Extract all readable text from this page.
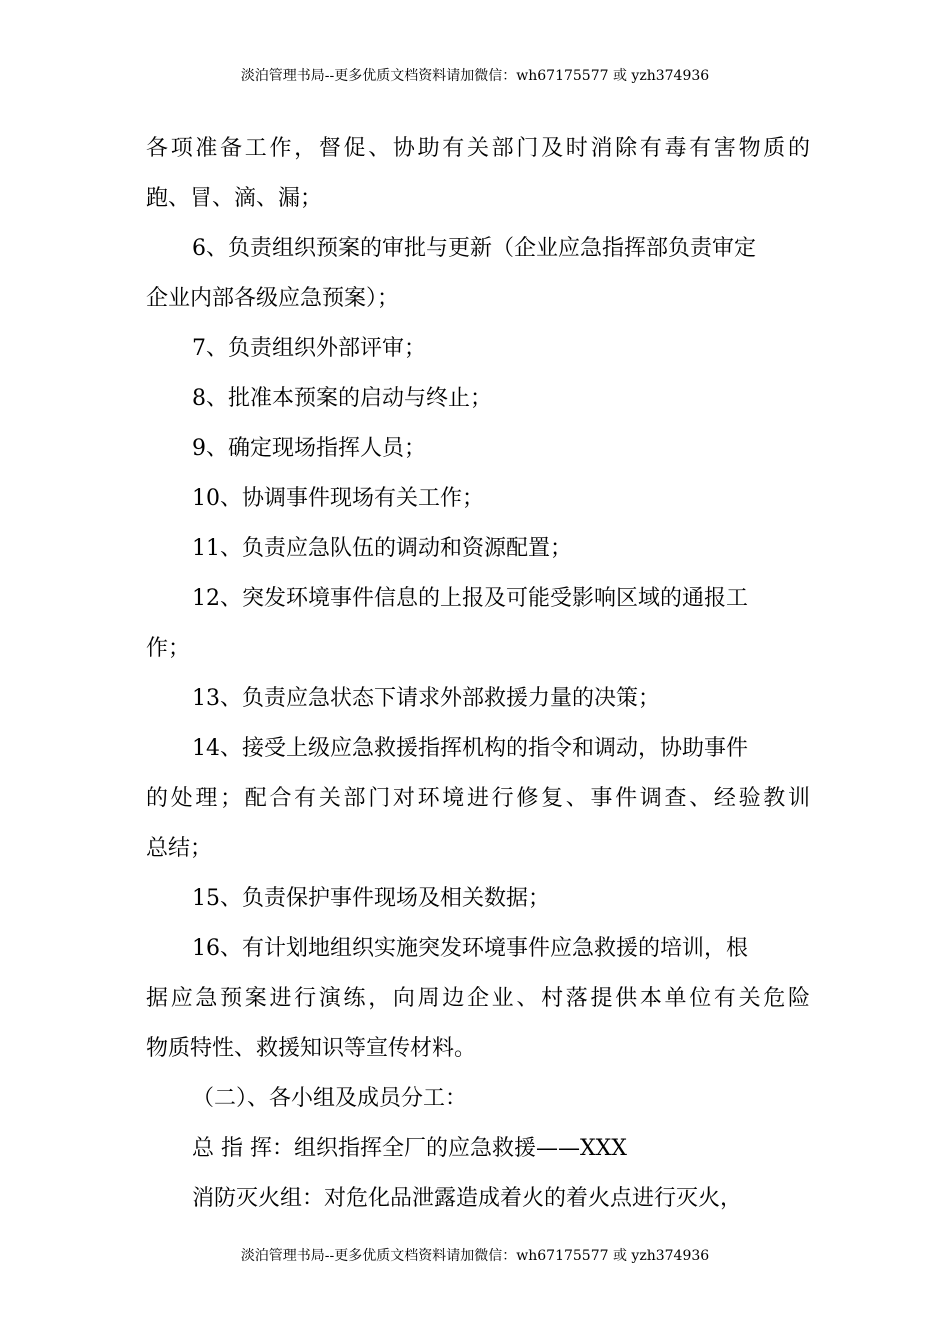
淡泊管理书局--更多优质文档资料请加微信：wh67175577 或 yzh374936
各项准备工作，督促、协助有关部门及时消除有毒有害物质的
跑、冒、滴、漏；
6、负责组织预案的审批与更新（企业应急指挥部负责审定
企业内部各级应急预案）；
7、负责组织外部评审；
8、批准本预案的启动与终止；
9、确定现场指挥人员；
10、协调事件现场有关工作；
11、负责应急队伍的调动和资源配置；
12、突发环境事件信息的上报及可能受影响区域的通报工
作；
13、负责应急状态下请求外部救援力量的决策；
14、接受上级应急救援指挥机构的指令和调动，协助事件
的处理；配合有关部门对环境进行修复、事件调查、经验教训
总结；
15、负责保护事件现场及相关数据；
16、有计划地组织实施突发环境事件应急救援的培训，根
据应急预案进行演练，向周边企业、村落提供本单位有关危险
物质特性、救援知识等宣传材料。
（二）、各小组及成员分工：
总 指 挥：组织指挥全厂的应急救援——XXX
消防灭火组：对危化品泄露造成着火的着火点进行灭火，
淡泊管理书局--更多优质文档资料请加微信：wh67175577 或 yzh374936
